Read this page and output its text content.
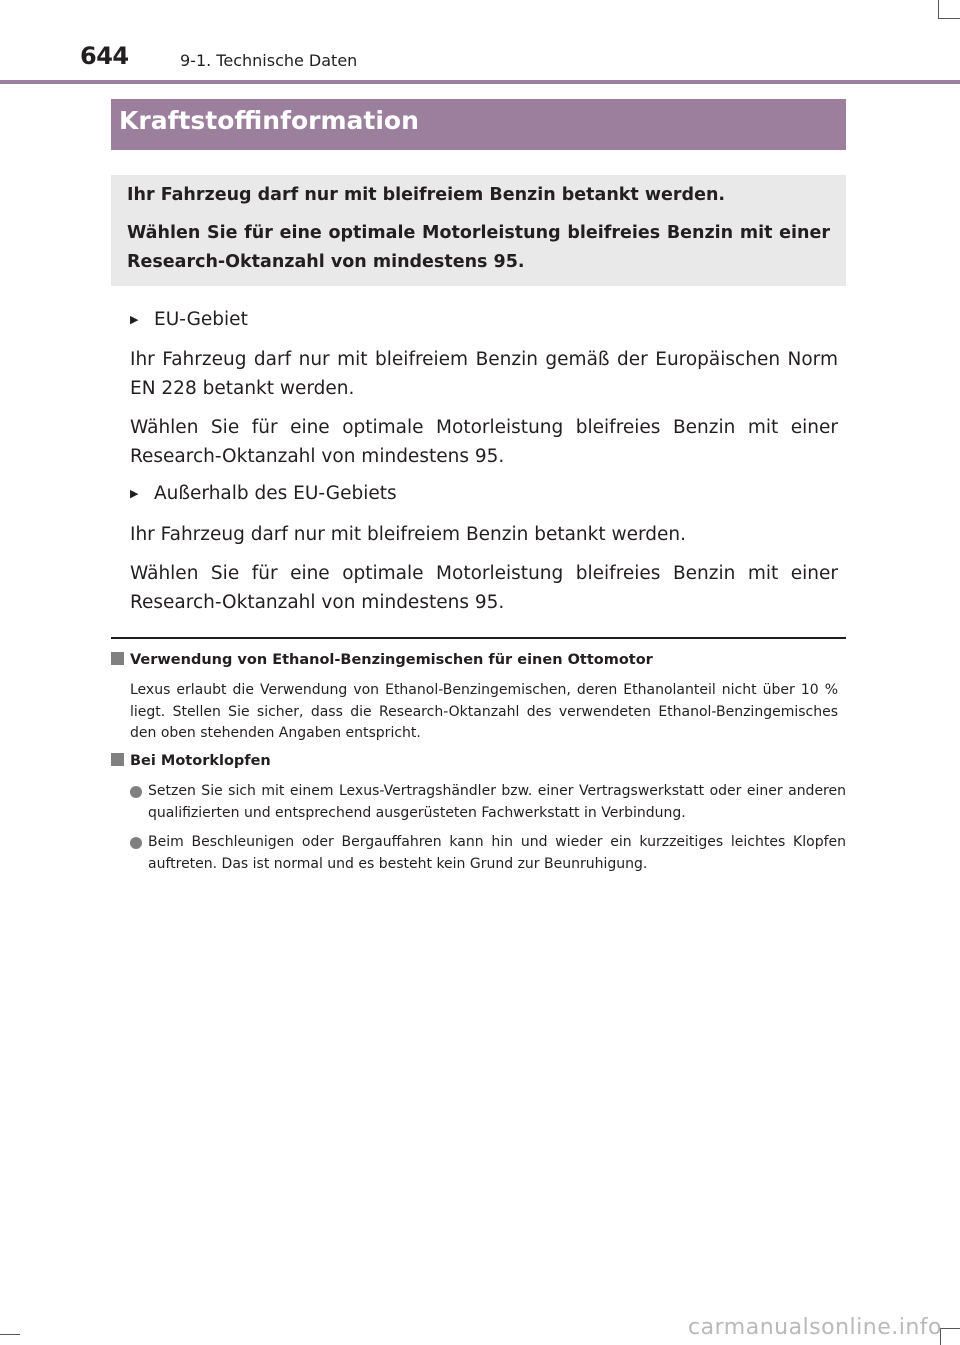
644	9-1. Technische Daten
Kraftstoffinformation

Ihr Fahrzeug darf nur mit bleifreiem Benzin betankt werden.

Wählen Sie für eine optimale Motorleistung bleifreies Benzin mit einer Research-Oktanzahl von mindestens 95.

▶ EU-Gebiet

Ihr Fahrzeug darf nur mit bleifreiem Benzin gemäß der Europäischen Norm EN 228 betankt werden.

Wählen Sie für eine optimale Motorleistung bleifreies Benzin mit einer Research-Oktanzahl von mindestens 95.

▶ Außerhalb des EU-Gebiets

Ihr Fahrzeug darf nur mit bleifreiem Benzin betankt werden.

Wählen Sie für eine optimale Motorleistung bleifreies Benzin mit einer Research-Oktanzahl von mindestens 95.

Verwendung von Ethanol-Benzingemischen für einen Ottomotor
Lexus erlaubt die Verwendung von Ethanol-Benzingemischen, deren Ethanolanteil nicht über 10 % liegt. Stellen Sie sicher, dass die Research-Oktanzahl des verwendeten Ethanol-Benzingemisches den oben stehenden Angaben entspricht.
Bei Motorklopfen
Setzen Sie sich mit einem Lexus-Vertragshändler bzw. einer Vertragswerkstatt oder einer anderen qualifizierten und entsprechend ausgerüsteten Fachwerkstatt in Verbindung.
Beim Beschleunigen oder Bergauffahren kann hin und wieder ein kurzzeitiges leichtes Klopfen auftreten. Das ist normal und es besteht kein Grund zur Beunruhigung.
carmanualsonline.info
